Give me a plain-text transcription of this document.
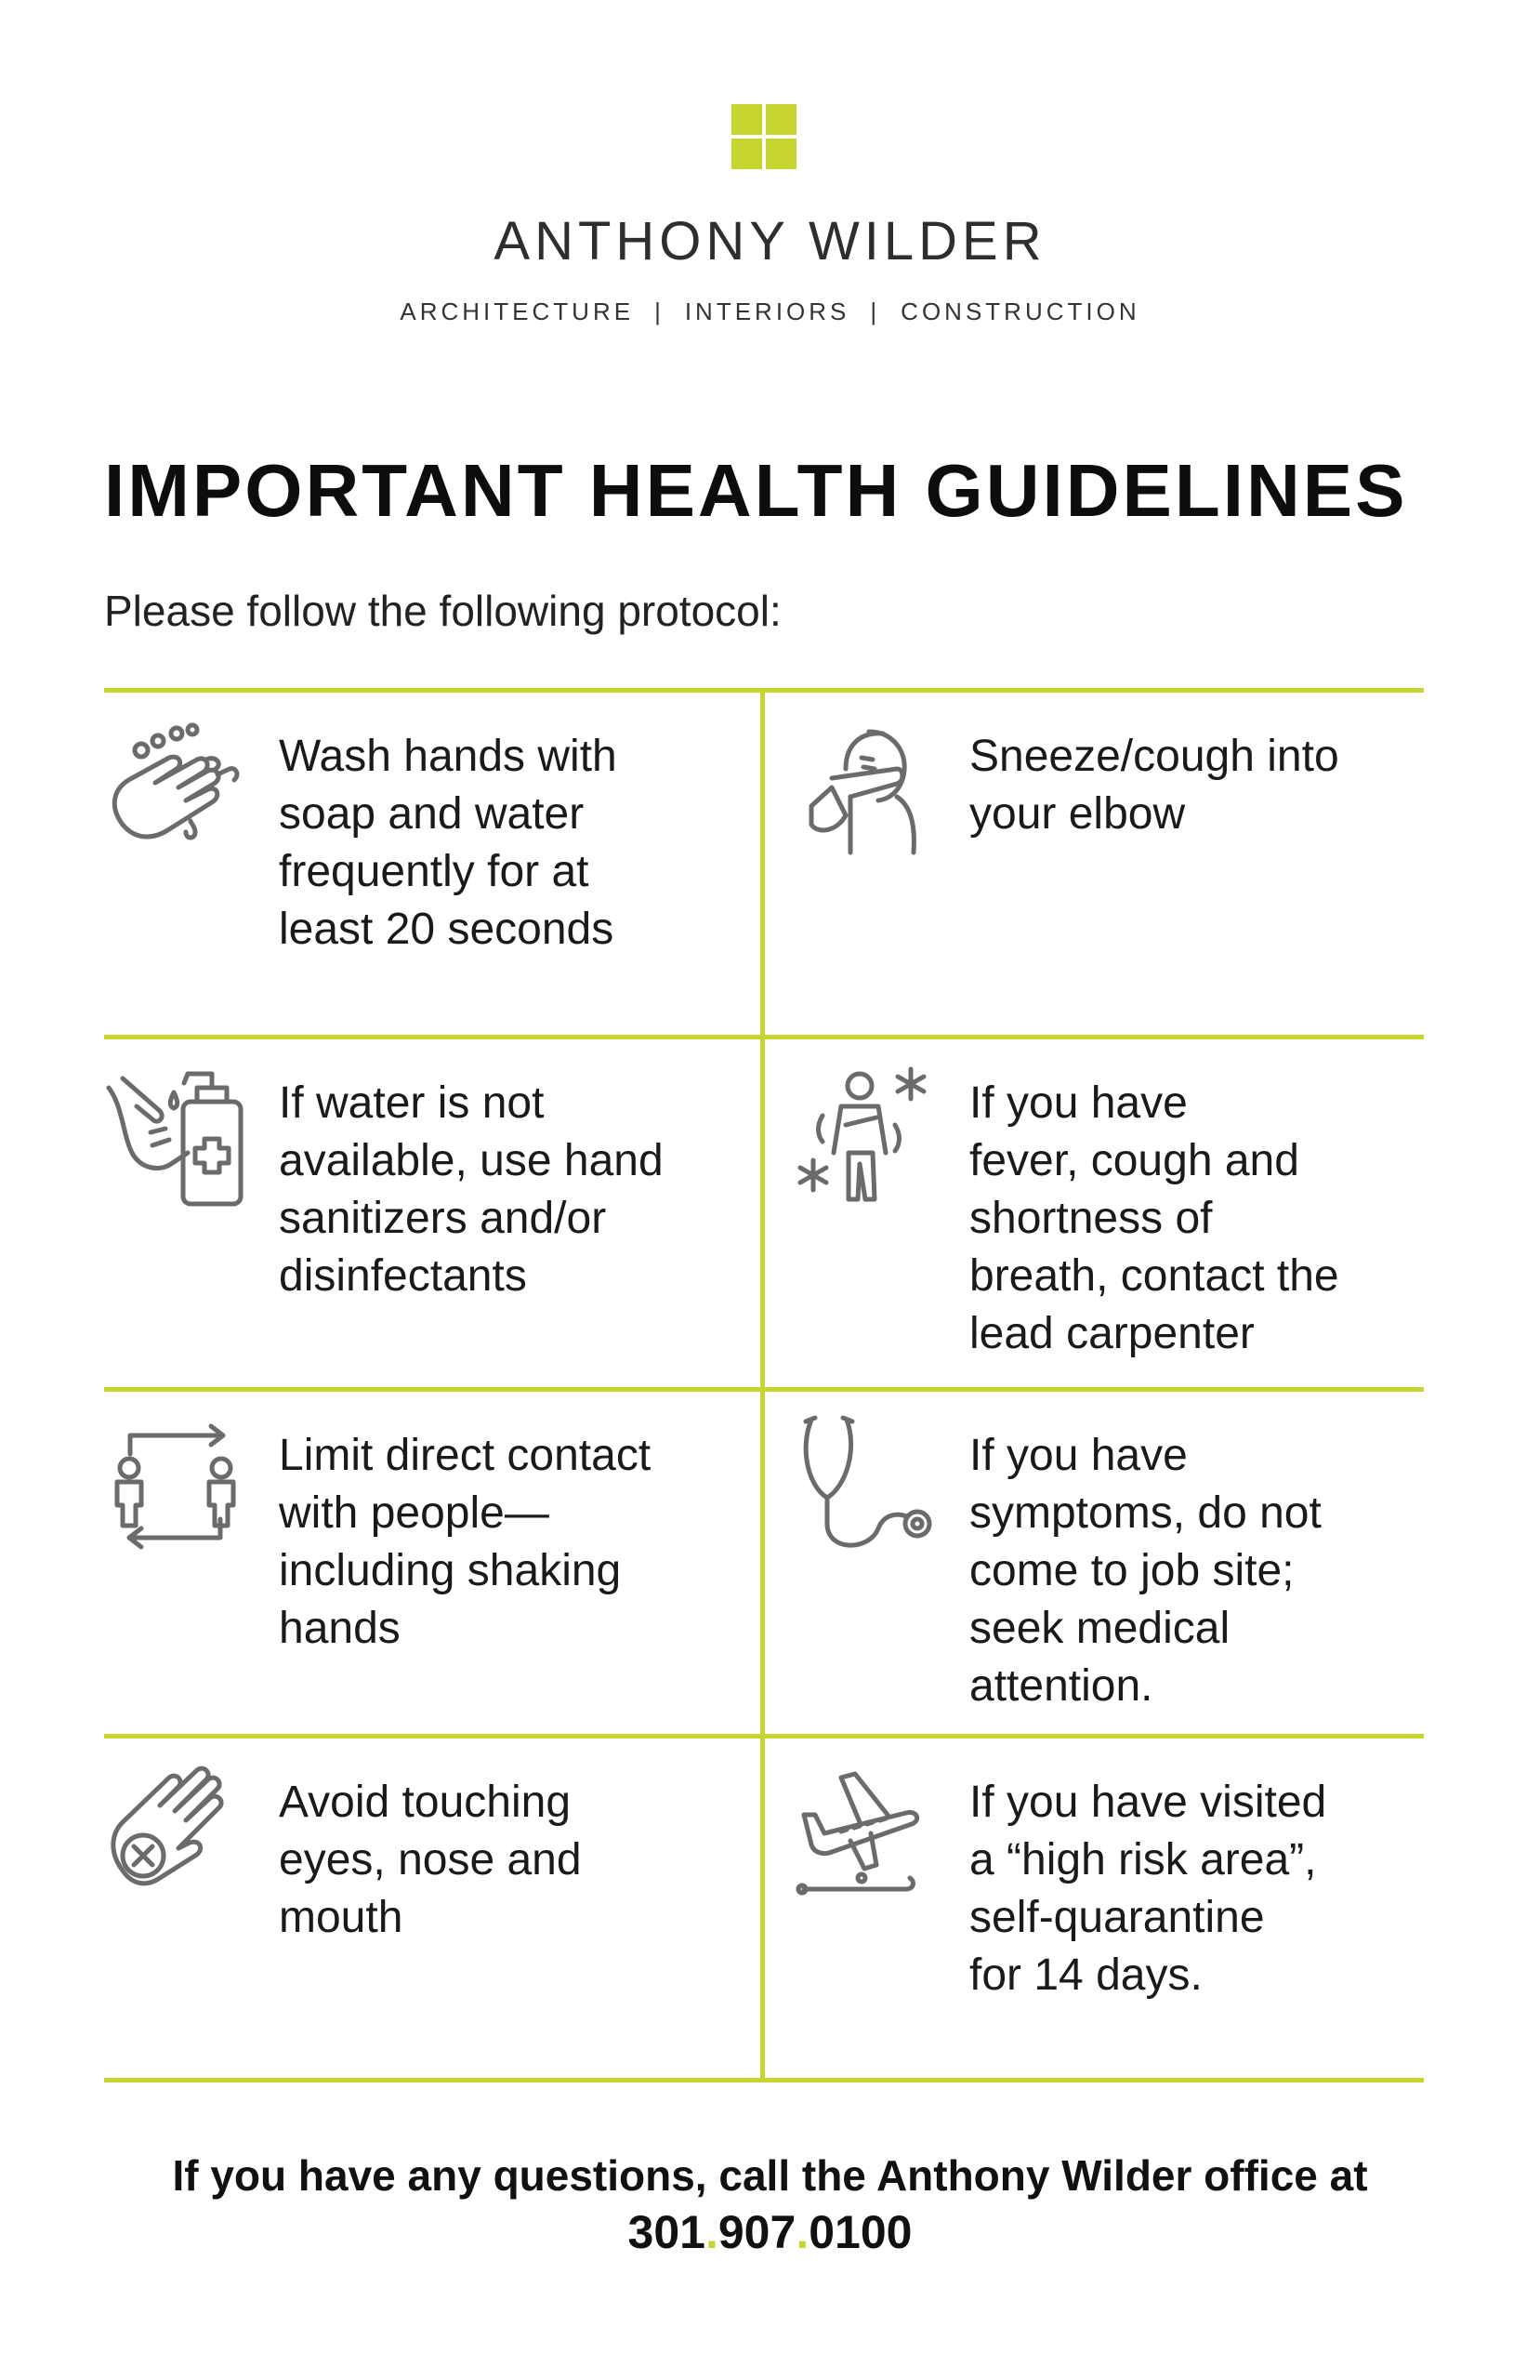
ANTHONY WILDER
ARCHITECTURE | INTERIORS | CONSTRUCTION
IMPORTANT HEALTH GUIDELINES
Please follow the following protocol:
Wash hands with
soap and water
frequently for at
least 20 seconds
Sneeze/cough into
your elbow
If water is not
available, use hand
sanitizers and/or
disinfectants
If you have
fever, cough and
shortness of
breath, contact the
lead carpenter
Limit direct contact
with people—
including shaking
hands
If you have
symptoms, do not
come to job site;
seek medical
attention.
Avoid touching
eyes, nose and
mouth
If you have visited
a “high risk area”,
self-quarantine
for 14 days.
If you have any questions, call the Anthony Wilder office at
301.907.0100
